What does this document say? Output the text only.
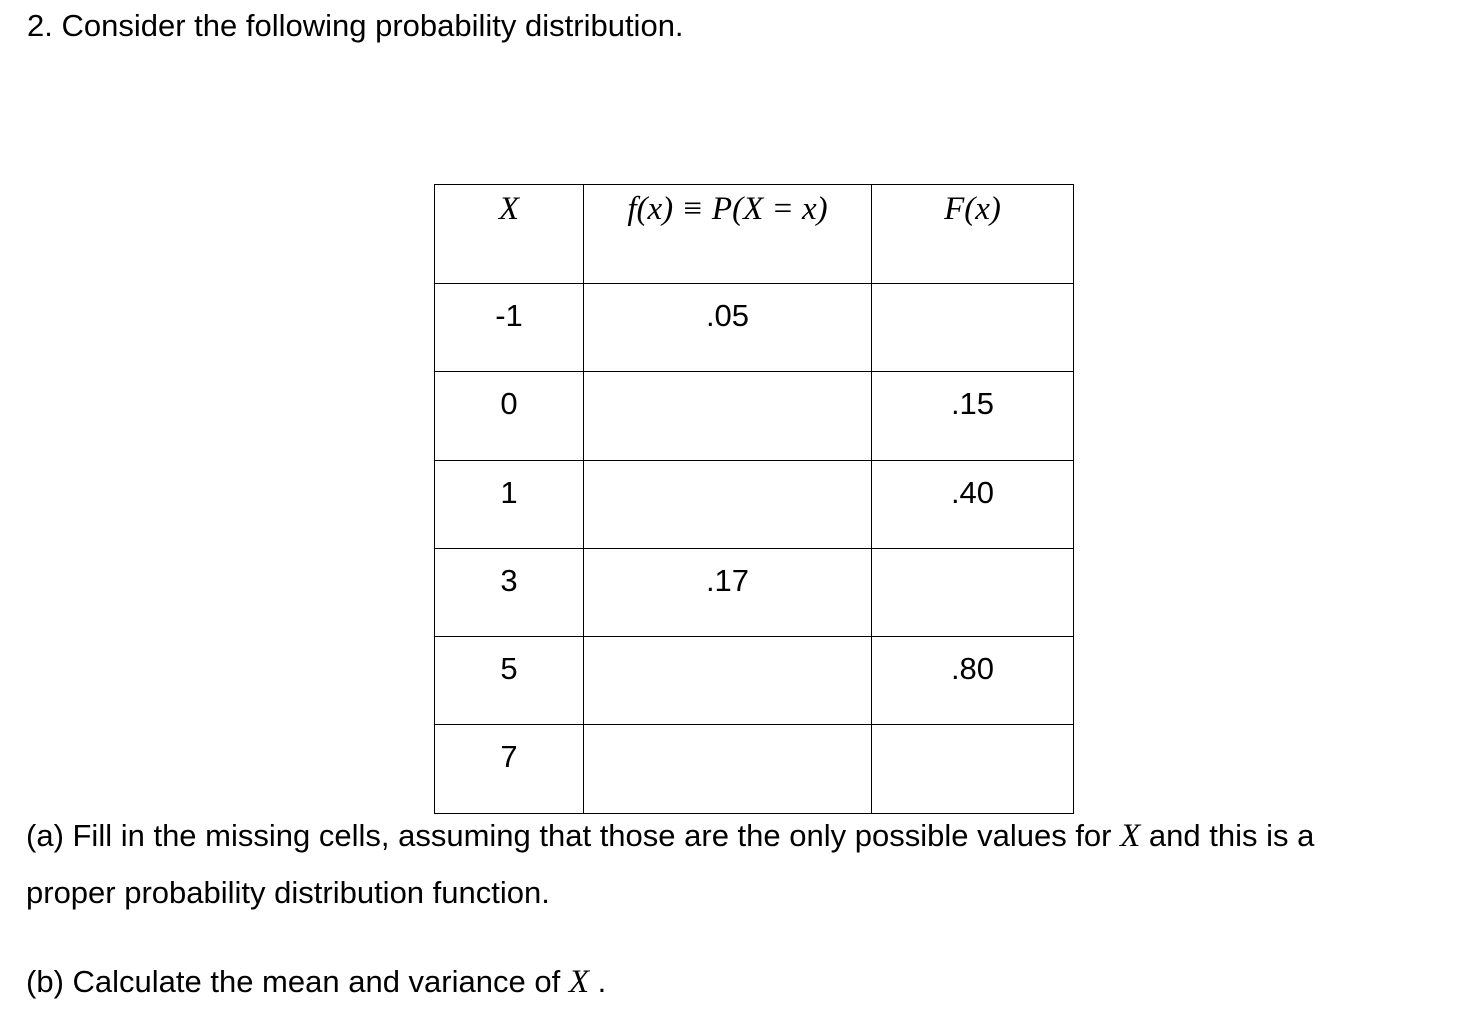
2. Consider the following probability distribution.
X	f(x) ≡ P(X = x)	F(x)
-1	.05	
0		.15
1		.40
3	.17	
5		.80
7		
(a) Fill in the missing cells, assuming that those are the only possible values for X and this is a
proper probability distribution function.
(b) Calculate the mean and variance of X .
